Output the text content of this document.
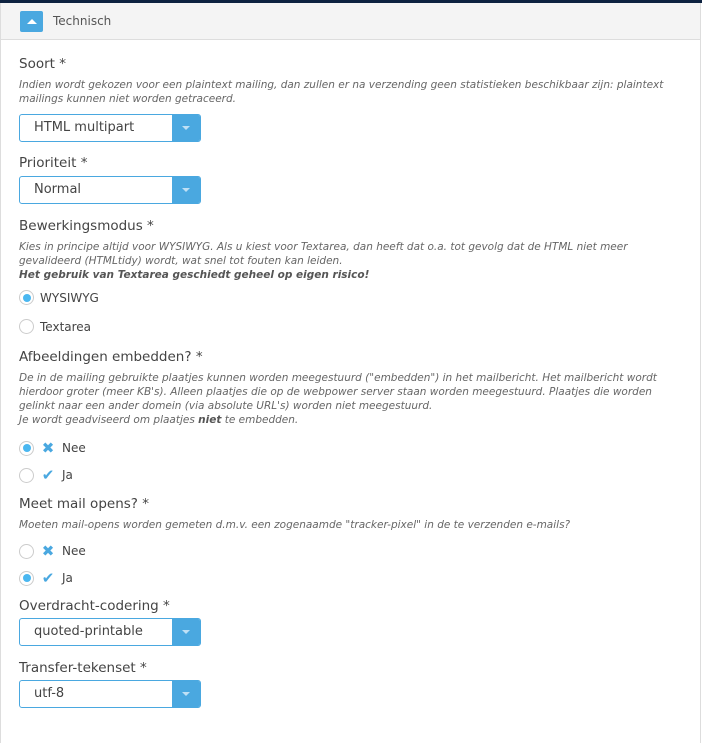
Technisch
Soort *
Indien wordt gekozen voor een plaintext mailing, dan zullen er na verzending geen statistieken beschikbaar zijn: plaintext mailings kunnen niet worden getraceerd.
HTML multipart
Prioriteit *
Normal
Bewerkingsmodus *
Kies in principe altijd voor WYSIWYG. Als u kiest voor Textarea, dan heeft dat o.a. tot gevolg dat de HTML niet meer gevalideerd (HTMLtidy) wordt, wat snel tot fouten kan leiden.
Het gebruik van Textarea geschiedt geheel op eigen risico!
WYSIWYG
Textarea
Afbeeldingen embedden? *
De in de mailing gebruikte plaatjes kunnen worden meegestuurd ("embedden") in het mailbericht. Het mailbericht wordt hierdoor groter (meer KB's). Alleen plaatjes die op de webpower server staan worden meegestuurd. Plaatjes die worden gelinkt naar een ander domein (via absolute URL's) worden niet meegestuurd.
Je wordt geadviseerd om plaatjes niet te embedden.
✖ Nee
✔ Ja
Meet mail opens? *
Moeten mail-opens worden gemeten d.m.v. een zogenaamde "tracker-pixel" in de te verzenden e-mails?
✖ Nee
✔ Ja
Overdracht-codering *
quoted-printable
Transfer-tekenset *
utf-8
